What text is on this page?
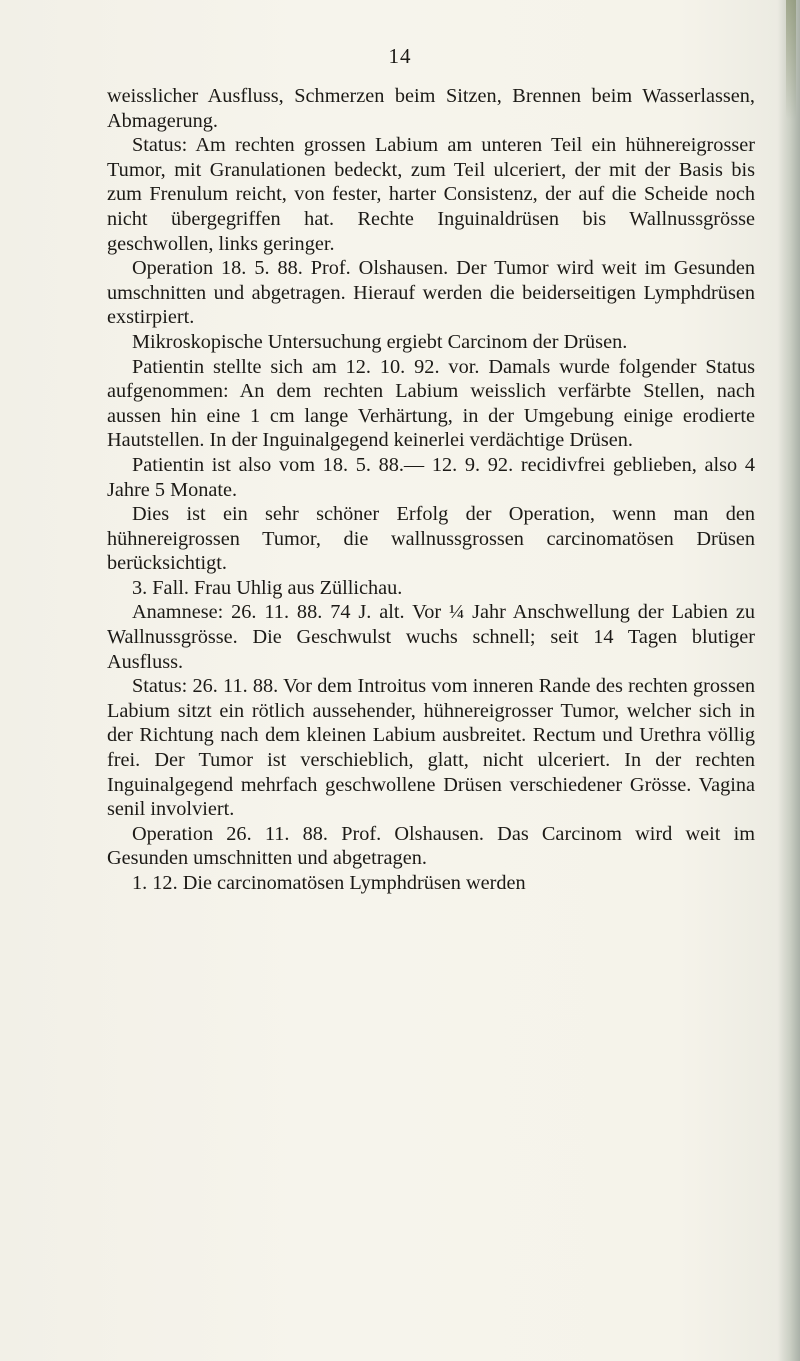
14

weisslicher Ausfluss, Schmerzen beim Sitzen, Brennen beim Wasserlassen, Abmagerung.

Status: Am rechten grossen Labium am unteren Teil ein hühnereigrosser Tumor, mit Granulationen bedeckt, zum Teil ulceriert, der mit der Basis bis zum Frenulum reicht, von fester, harter Consistenz, der auf die Scheide noch nicht übergegriffen hat. Rechte Inguinaldrüsen bis Wallnussgrösse geschwollen, links geringer.

Operation 18. 5. 88. Prof. Olshausen. Der Tumor wird weit im Gesunden umschnitten und abgetragen. Hierauf werden die beiderseitigen Lymphdrüsen exstirpiert.

Mikroskopische Untersuchung ergiebt Carcinom der Drüsen.

Patientin stellte sich am 12. 10. 92. vor. Damals wurde folgender Status aufgenommen: An dem rechten Labium weisslich verfärbte Stellen, nach aussen hin eine 1 cm lange Verhärtung, in der Umgebung einige erodierte Hautstellen. In der Inguinalgegend keinerlei verdächtige Drüsen.

Patientin ist also vom 18. 5. 88.— 12. 9. 92. recidivfrei geblieben, also 4 Jahre 5 Monate.

Dies ist ein sehr schöner Erfolg der Operation, wenn man den hühnereigrossen Tumor, die wallnussgrossen carcinomatösen Drüsen berücksichtigt.

3. Fall. Frau Uhlig aus Züllichau.

Anamnese: 26. 11. 88. 74 J. alt. Vor ¼ Jahr Anschwellung der Labien zu Wallnussgrösse. Die Geschwulst wuchs schnell; seit 14 Tagen blutiger Ausfluss.

Status: 26. 11. 88. Vor dem Introitus vom inneren Rande des rechten grossen Labium sitzt ein rötlich aussehender, hühnereigrosser Tumor, welcher sich in der Richtung nach dem kleinen Labium ausbreitet. Rectum und Urethra völlig frei. Der Tumor ist verschieblich, glatt, nicht ulceriert. In der rechten Inguinalgegend mehrfach geschwollene Drüsen verschiedener Grösse. Vagina senil involviert.

Operation 26. 11. 88. Prof. Olshausen. Das Carcinom wird weit im Gesunden umschnitten und abgetragen.

1. 12. Die carcinomatösen Lymphdrüsen werden
